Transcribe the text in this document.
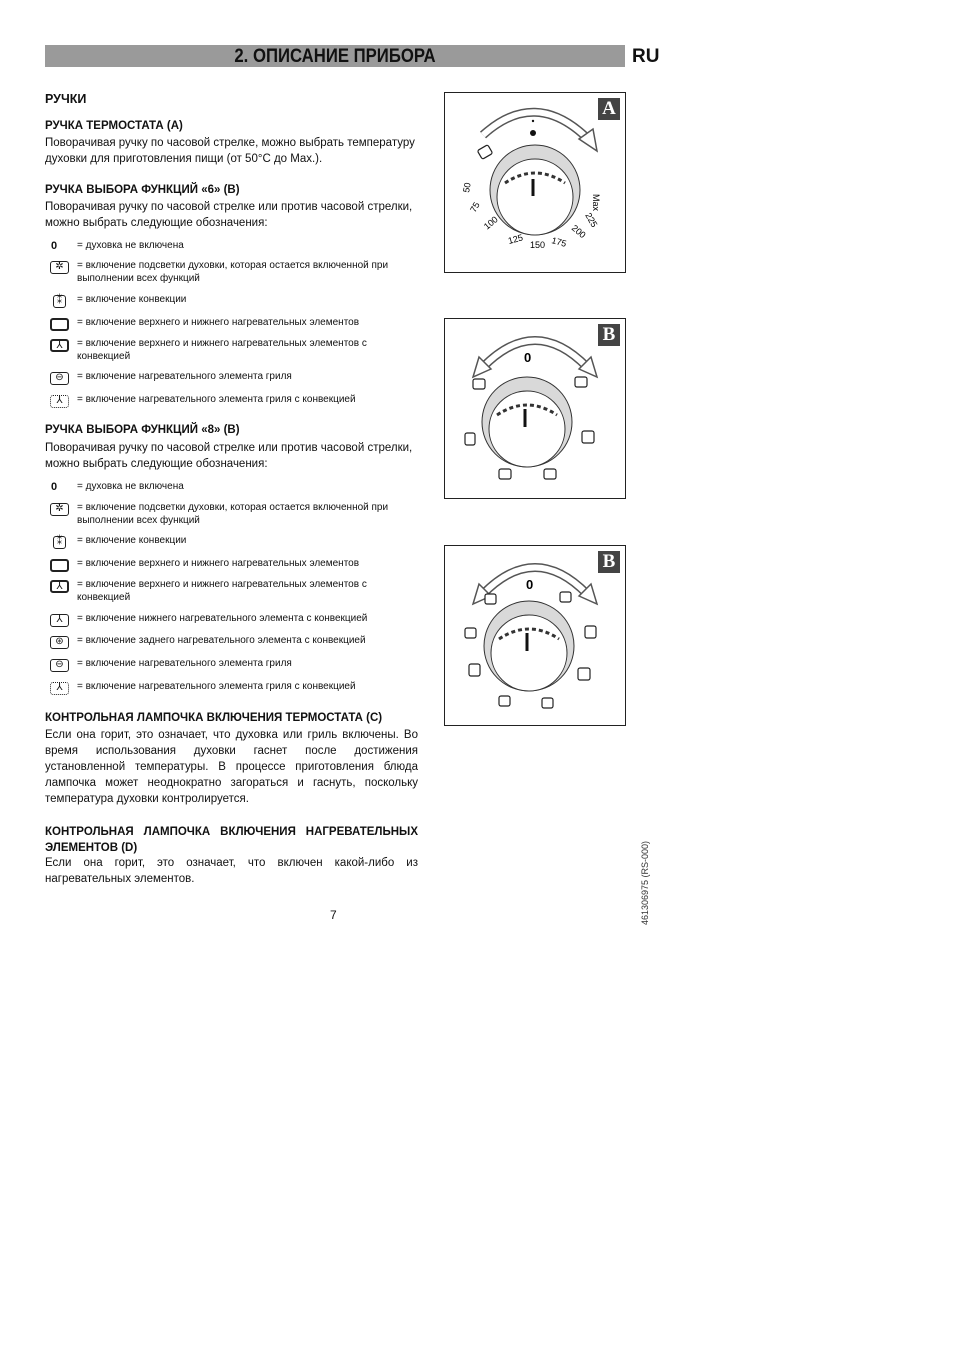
2. ОПИСАНИЕ ПРИБОРА	RU
РУЧКИ
РУЧКА ТЕРМОСТАТА (A)
Поворачивая ручку по часовой стрелке, можно выбрать температуру духовки для приготовления пищи (от 50°C до Max.).
РУЧКА ВЫБОРА ФУНКЦИЙ «6» (B)
Поворачивая ручку по часовой стрелке или против часовой стрелки, можно выбрать следующие обозначения:
0 = духовка не включена
✲	= включение подсветки духовки, которая остается включенной при выполнении всех функций
⁑	= включение конвекции
= включение верхнего и нижнего нагревательных элементов
⅄	= включение верхнего и нижнего нагревательных элементов с конвекцией
⊖	= включение нагревательного элемента гриля
⅄	= включение нагревательного элемента гриля с конвекцией
РУЧКА ВЫБОРА ФУНКЦИЙ «8» (B)
Поворачивая ручку по часовой стрелке или против часовой стрелки, можно выбрать следующие обозначения:
0 = духовка не включена
✲	= включение подсветки духовки, которая остается включенной при выполнении всех функций
⁑	= включение конвекции
= включение верхнего и нижнего нагревательных элементов
⅄	= включение верхнего и нижнего нагревательных элементов с конвекцией
⅄	= включение нижнего нагревательного элемента с конвекцией
⊛	= включение заднего нагревательного элемента с конвекцией
⊖	= включение нагревательного элемента гриля
⅄	= включение нагревательного элемента гриля с конвекцией
КОНТРОЛЬНАЯ ЛАМПОЧКА ВКЛЮЧЕНИЯ ТЕРМОСТАТА (C)
Если она горит, это означает, что духовка или гриль включены. Во время использования духовки гаснет после достижения установленной температуры. В процессе приготовления блюда лампочка может неоднократно загораться и гаснуть, поскольку температура духовки контролируется.
КОНТРОЛЬНАЯ ЛАМПОЧКА ВКЛЮЧЕНИЯ НАГРЕВАТЕЛЬНЫХ ЭЛЕМЕНТОВ (D)
Если она горит, это означает, что включен какой-либо из нагревательных элементов.
A
Max
225
200
175
150
125
100
75
50
B
0
B
0
7	461306975 (RS-000)
